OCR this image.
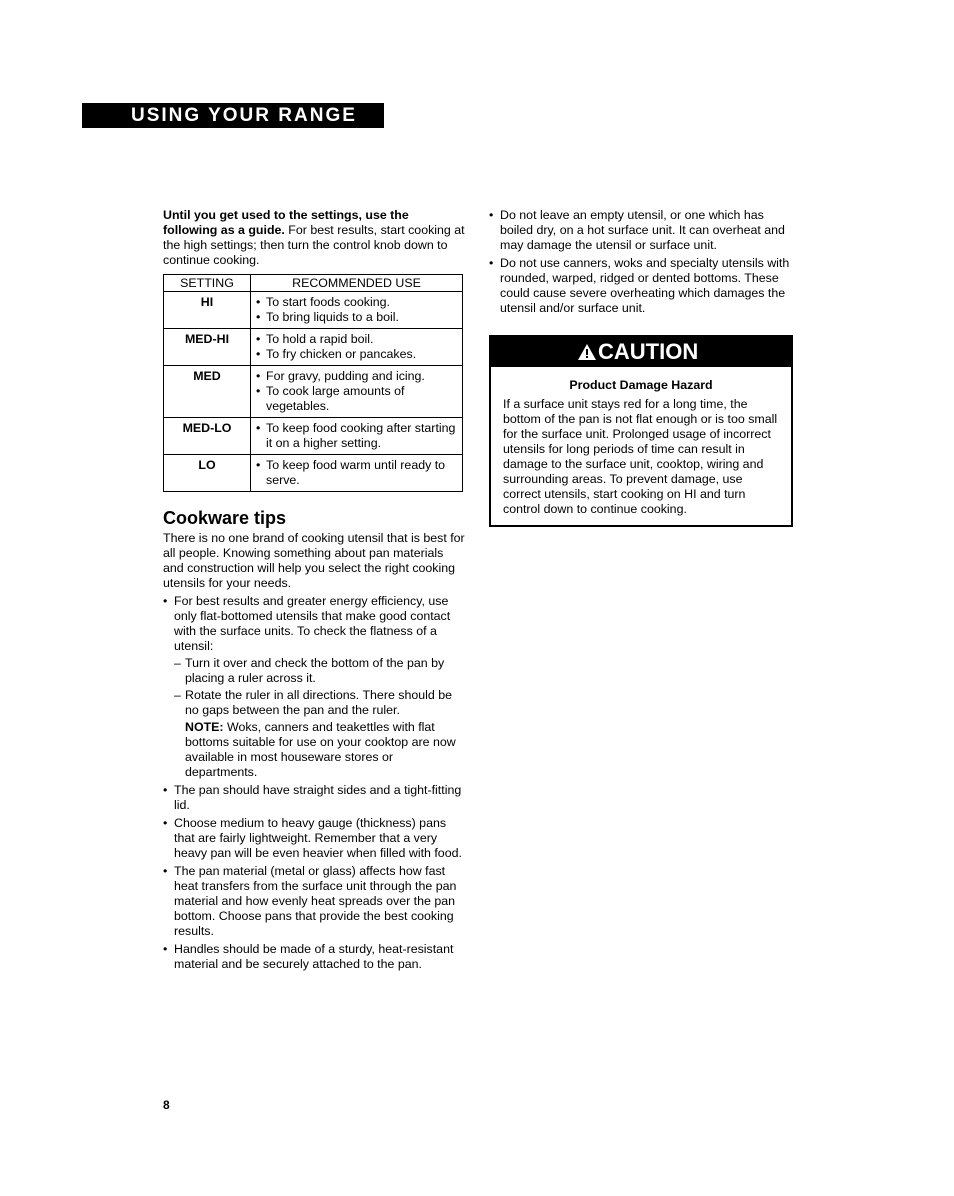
USING YOUR RANGE

Until you get used to the settings, use the following as a guide. For best results, start cooking at the high settings; then turn the control knob down to continue cooking.

SETTING	RECOMMENDED USE
HI	• To start foods cooking.
• To bring liquids to a boil.

MED-HI	• To hold a rapid boil.
• To fry chicken or pancakes.

MED	• For gravy, pudding and icing.
• To cook large amounts of vegetables.

MED-LO	• To keep food cooking after starting it on a higher setting.

LO	• To keep food warm until ready to serve.
Cookware tips

There is no one brand of cooking utensil that is best for all people. Knowing something about pan materials and construction will help you select the right cooking utensils for your needs.

• For best results and greater energy efficiency, use only flat-bottomed utensils that make good contact with the surface units. To check the flatness of a utensil:
– Turn it over and check the bottom of the pan by placing a ruler across it.
– Rotate the ruler in all directions. There should be no gaps between the pan and the ruler.
NOTE: Woks, canners and teakettles with flat bottoms suitable for use on your cooktop are now available in most houseware stores or departments.
• The pan should have straight sides and a tight-fitting lid.
• Choose medium to heavy gauge (thickness) pans that are fairly lightweight. Remember that a very heavy pan will be even heavier when filled with food.
• The pan material (metal or glass) affects how fast heat transfers from the surface unit through the pan material and how evenly heat spreads over the pan bottom. Choose pans that provide the best cooking results.
• Handles should be made of a sturdy, heat-resistant material and be securely attached to the pan.
• Do not leave an empty utensil, or one which has boiled dry, on a hot surface unit. It can overheat and may damage the utensil or surface unit.
• Do not use canners, woks and specialty utensils with rounded, warped, ridged or dented bottoms. These could cause severe overheating which damages the utensil and/or surface unit.
CAUTION
Product Damage Hazard
If a surface unit stays red for a long time, the bottom of the pan is not flat enough or is too small for the surface unit. Prolonged usage of incorrect utensils for long periods of time can result in damage to the surface unit, cooktop, wiring and surrounding areas. To prevent damage, use correct utensils, start cooking on HI and turn control down to continue cooking.
8
